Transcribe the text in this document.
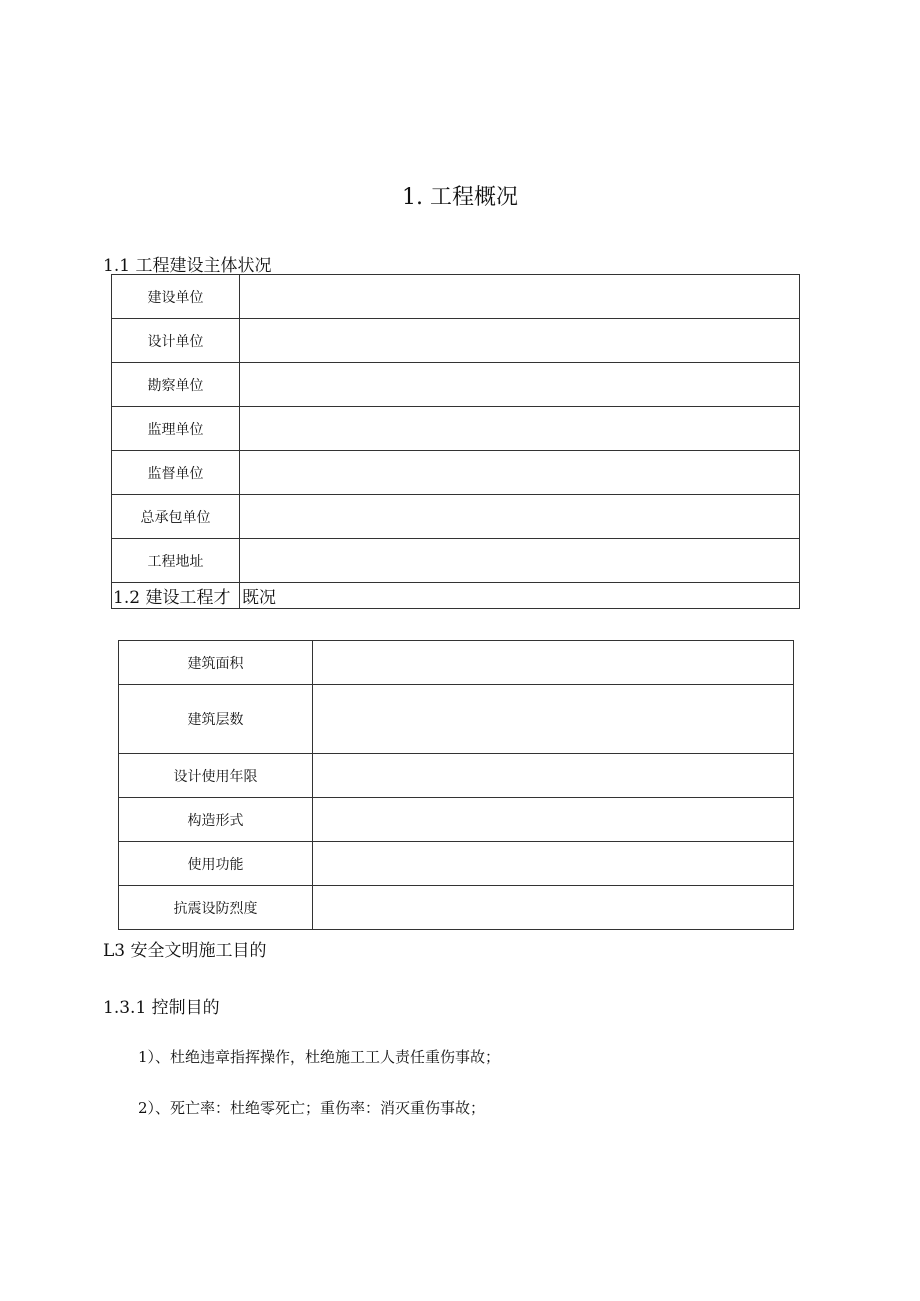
1. 工程概况
1.1 工程建设主体状况
建设单位	
设计单位	
勘察单位	
监理单位	
监督单位	
总承包单位	
工程地址	
1.2 建设工程才	既况
建筑面积	
建筑层数	
设计使用年限	
构造形式	
使用功能	
抗震设防烈度	
L3 安全文明施工目的
1.3.1 控制目的
1）、杜绝违章指挥操作，杜绝施工工人责任重伤事故；
2）、死亡率：杜绝零死亡；重伤率：消灭重伤事故；
